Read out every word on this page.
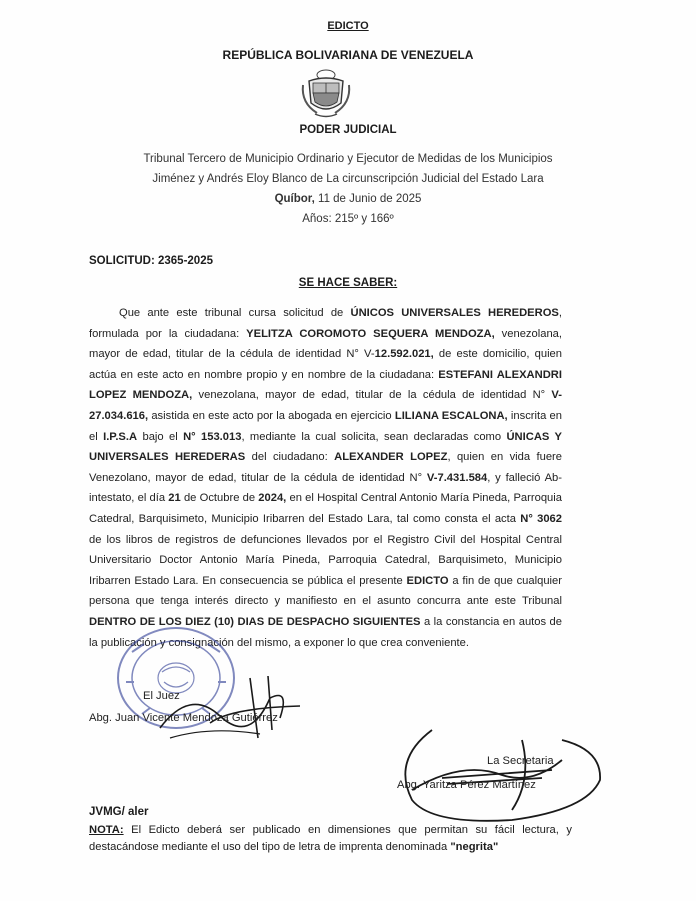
EDICTO
REPÚBLICA BOLIVARIANA DE VENEZUELA
PODER JUDICIAL
Tribunal Tercero de Municipio Ordinario y Ejecutor de Medidas de los Municipios
Jiménez y Andrés Eloy Blanco de La circunscripción Judicial del Estado Lara
Quíbor, 11 de Junio de 2025
Años: 215º y 166º
SOLICITUD: 2365-2025
SE HACE SABER:
Que ante este tribunal cursa solicitud de ÚNICOS UNIVERSALES HEREDEROS, formulada por la ciudadana: YELITZA COROMOTO SEQUERA MENDOZA, venezolana, mayor de edad, titular de la cédula de identidad N° V-12.592.021, de este domicilio, quien actúa en este acto en nombre propio y en nombre de la ciudadana: ESTEFANI ALEXANDRI LOPEZ MENDOZA, venezolana, mayor de edad, titular de la cédula de identidad N° V-27.034.616, asistida en este acto por la abogada en ejercicio LILIANA ESCALONA, inscrita en el I.P.S.A bajo el N° 153.013, mediante la cual solicita, sean declaradas como ÚNICAS Y UNIVERSALES HEREDERAS del ciudadano: ALEXANDER LOPEZ, quien en vida fuere Venezolano, mayor de edad, titular de la cédula de identidad N° V-7.431.584, y falleció Ab-intestato, el día 21 de Octubre de 2024, en el Hospital Central Antonio María Pineda, Parroquia Catedral, Barquisimeto, Municipio Iribarren del Estado Lara, tal como consta el acta N° 3062 de los libros de registros de defunciones llevados por el Registro Civil del Hospital Central Universitario Doctor Antonio María Pineda, Parroquia Catedral, Barquisimeto, Municipio Iribarren Estado Lara. En consecuencia se pública el presente EDICTO a fin de que cualquier persona que tenga interés directo y manifiesto en el asunto concurra ante este Tribunal DENTRO DE LOS DIEZ (10) DIAS DE DESPACHO SIGUIENTES a la constancia en autos de la publicación y consignación del mismo, a exponer lo que crea conveniente.
El Juez
Abg. Juan Vicente Mendoza Gutiérrez
La Secretaria
Abg. Yaritza Pérez Martínez
JVMG/ aler
NOTA: El Edicto deberá ser publicado en dimensiones que permitan su fácil lectura, y destacándose mediante el uso del tipo de letra de imprenta denominada "negrita"
